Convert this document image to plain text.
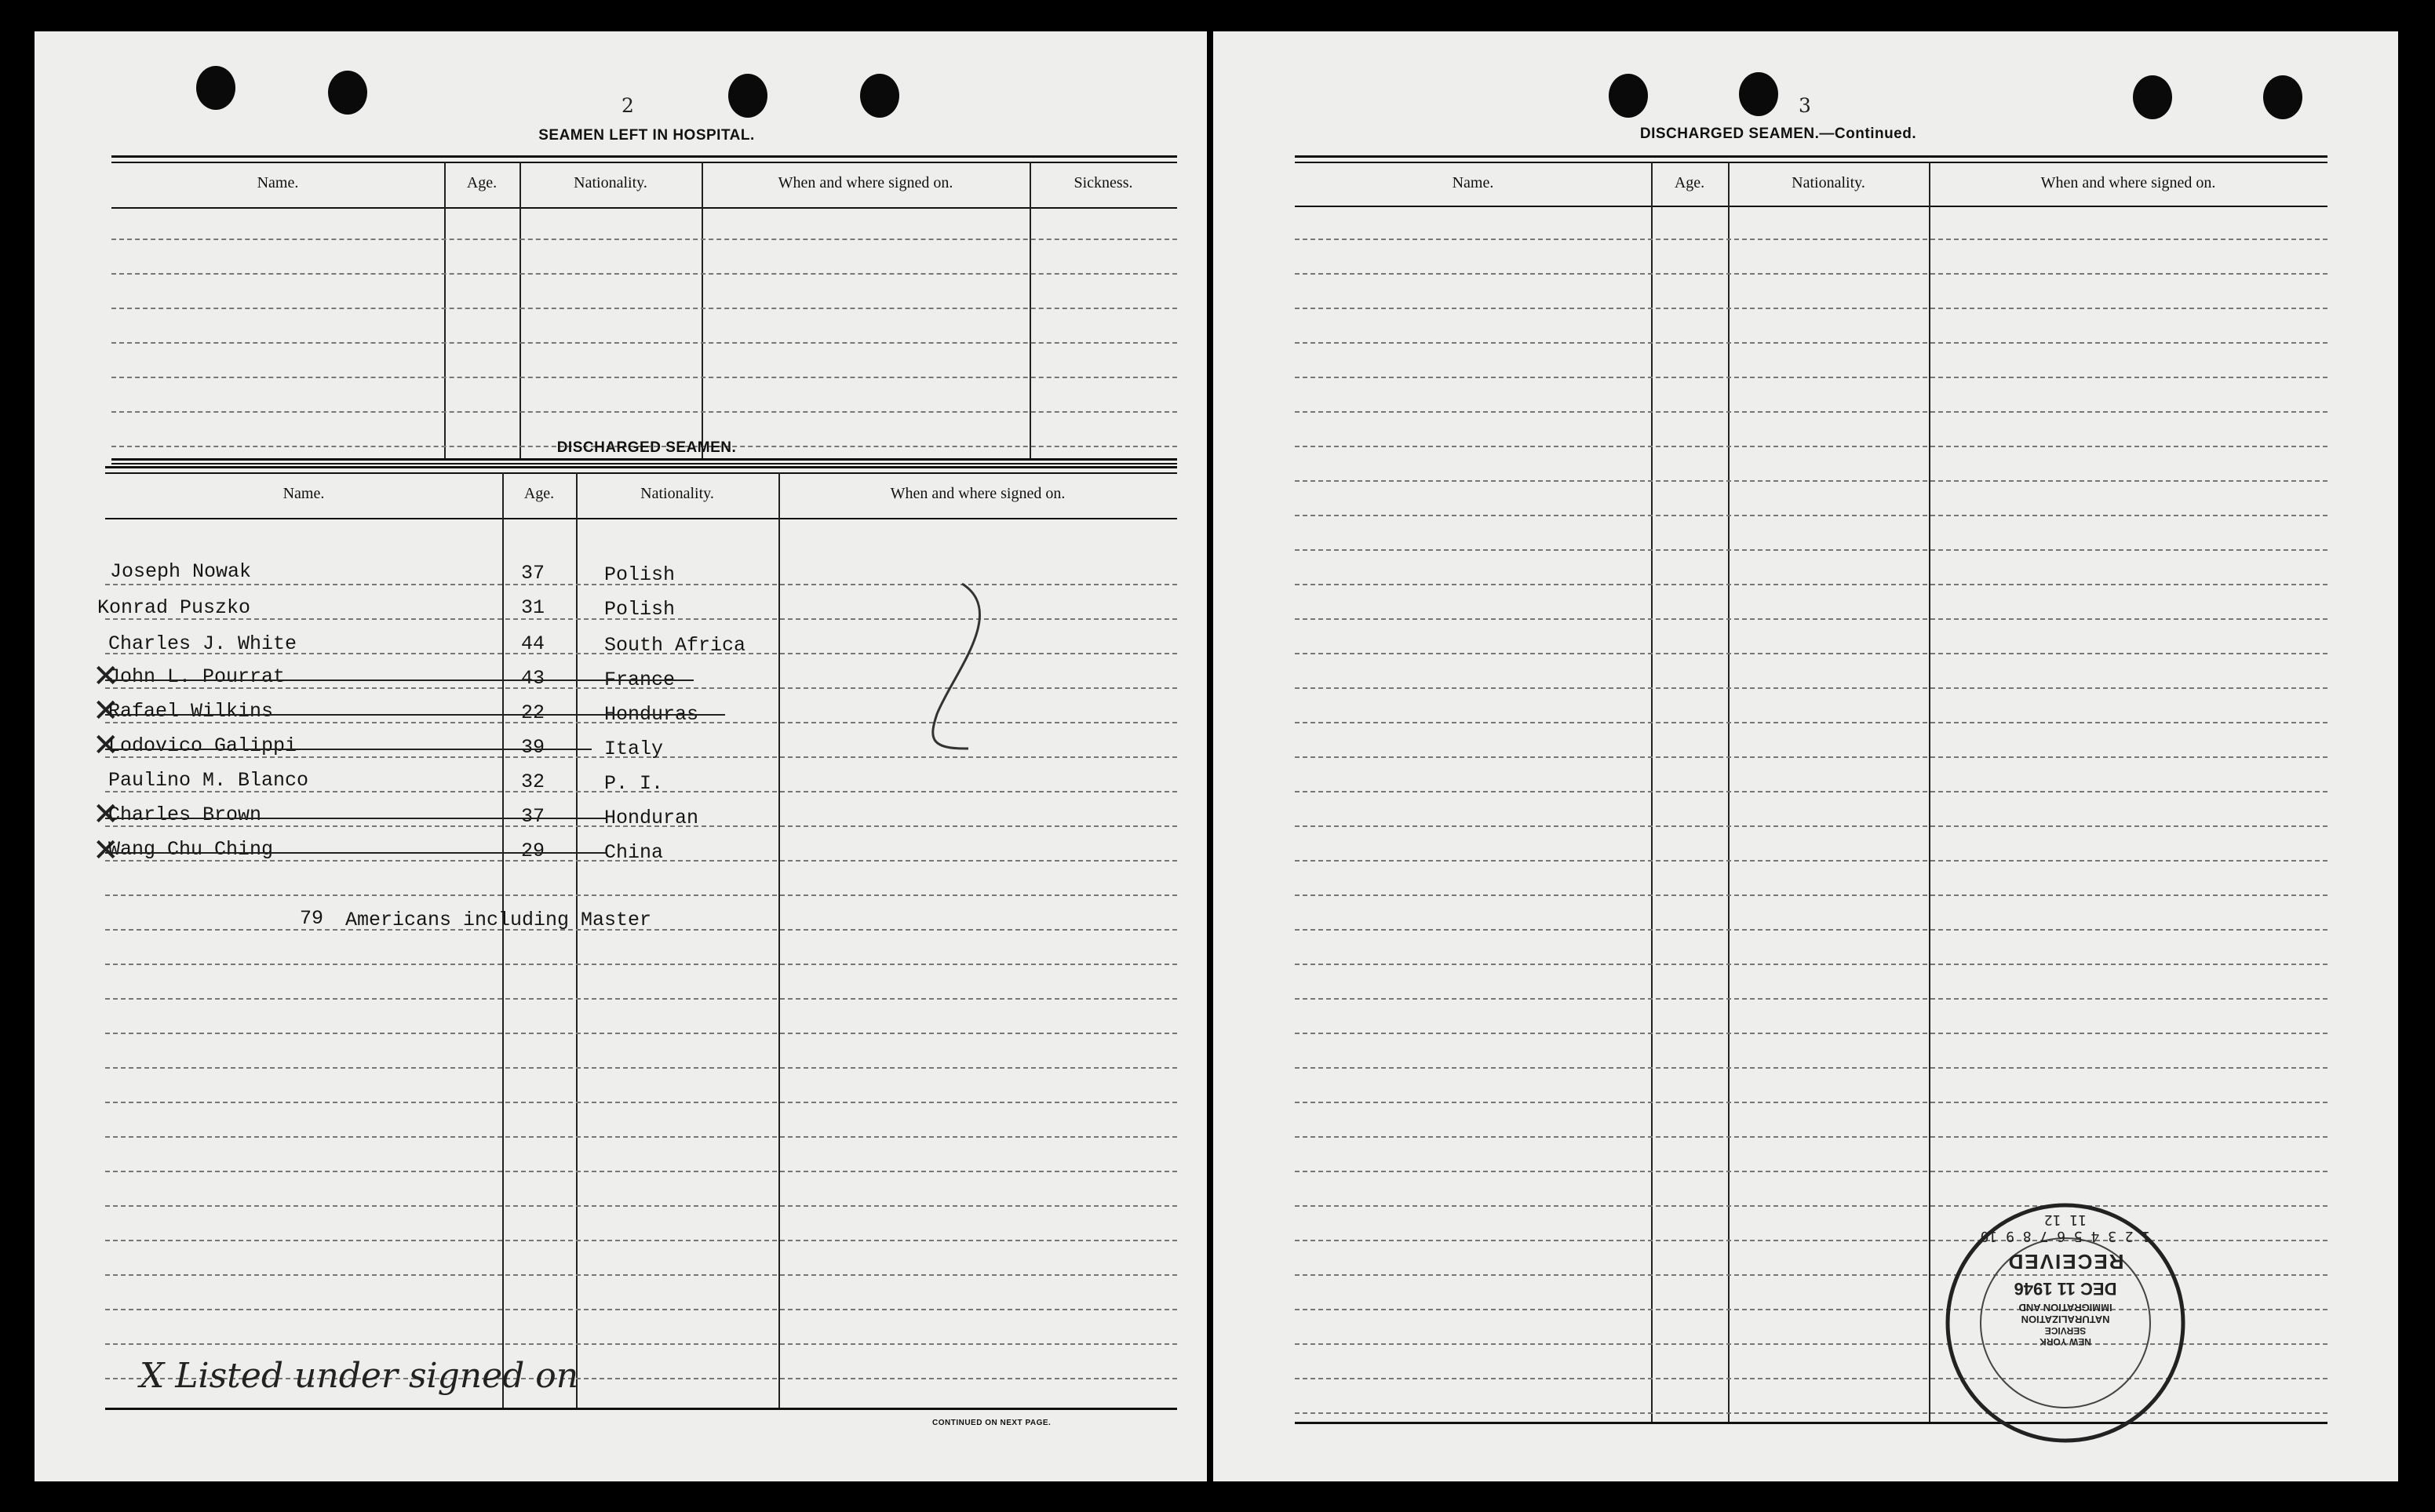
2
SEAMEN LEFT IN HOSPITAL.
Name.	Age.	Nationality.	When and where signed on.	Sickness.
DISCHARGED SEAMEN.
Name.	Age.	Nationality.	When and where signed on.
Joseph Nowak	37	Polish
Konrad Puszko	31	Polish
Charles J. White	44	South Africa
✕
John L. Pourrat	43	France
✕
Rafael Wilkins	22	Honduras
✕
Lodovico Galippi	39	Italy
Paulino M. Blanco	32	P. I.
✕
Charles Brown	37	Honduran
✕
Wang Chu Ching	29	China
79 Americans including Master
X Listed under signed on
CONTINUED ON NEXT PAGE.
3
DISCHARGED SEAMEN.—Continued.
Name.	Age.	Nationality.	When and where signed on.
1 2 3 4 5 6 7 8 9 10 11 12
NEW YORK
SERVICE
NATURALIZATION
IMMIGRATION AND
DEC 11 1946
RECEIVED
